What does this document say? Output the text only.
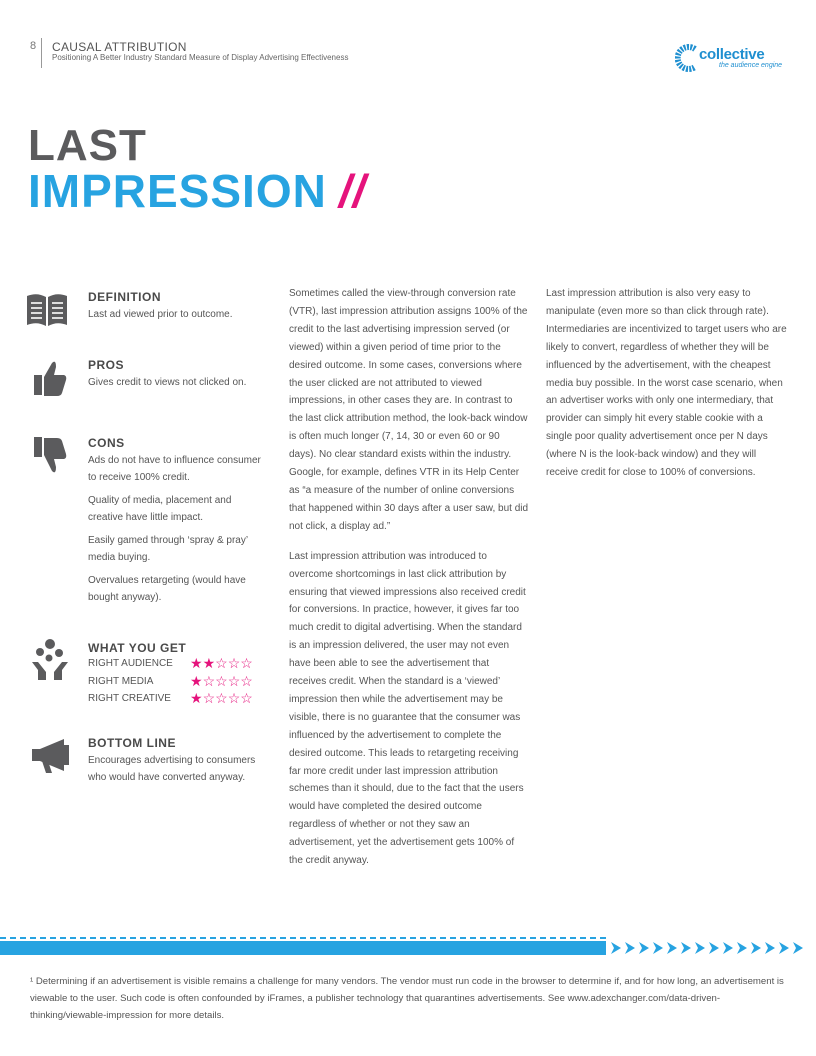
8 CAUSAL ATTRIBUTION
Positioning A Better Industry Standard Measure of Display Advertising Effectiveness	collective
the audience engine
LAST
IMPRESSION //
DEFINITION
Last ad viewed prior to outcome.
PROS
Gives credit to views not clicked on.
CONS
Ads do not have to influence consumer to receive 100% credit.
Quality of media, placement and creative have little impact.
Easily gamed through ‘spray & pray’ media buying.
Overvalues retargeting (would have bought anyway).
WHAT YOU GET
RIGHT AUDIENCE ★★☆☆☆
RIGHT MEDIA	★☆☆☆☆
RIGHT CREATIVE ★☆☆☆☆
BOTTOM LINE
Encourages advertising to consumers who would have converted anyway.

Sometimes called the view-through conversion rate (VTR), last impression attribution assigns 100% of the credit to the last advertising impression served (or viewed) within a given period of time prior to the desired outcome. In some cases, conversions where the user clicked are not attributed to viewed impressions, in other cases they are. In contrast to the last click attribution method, the look-back window is often much longer (7, 14, 30 or even 60 or 90 days). No clear standard exists within the industry. Google, for example, defines VTR in its Help Center as “a measure of the number of online conversions that happened within 30 days after a user saw, but did not click, a display ad.”

Last impression attribution was introduced to overcome shortcomings in last click attribution by ensuring that viewed impressions also received credit for conversions. In practice, however, it gives far too much credit to digital advertising. When the standard is an impression delivered, the user may not even have been able to see the advertisement that receives credit. When the standard is a ‘viewed’ impression then while the advertisement may be visible, there is no guarantee that the consumer was influenced by the advertisement to complete the desired outcome. This leads to retargeting receiving far more credit under last impression attribution schemes than it should, due to the fact that the users would have completed the desired outcome regardless of whether or not they saw an advertisement, yet the advertisement gets 100% of the credit anyway.

Last impression attribution is also very easy to manipulate (even more so than click through rate). Intermediaries are incentivized to target users who are likely to convert, regardless of whether they will be influenced by the advertisement, with the cheapest media buy possible. In the worst case scenario, when an advertiser works with only one intermediary, that provider can simply hit every stable cookie with a single poor quality advertisement once per N days (where N is the look-back window) and they will receive credit for close to 100% of conversions.

¹ Determining if an advertisement is visible remains a challenge for many vendors. The vendor must run code in the browser to determine if, and for how long, an advertisement is viewable to the user. Such code is often confounded by iFrames, a publisher technology that quarantines advertisements. See www.adexchanger.com/data-driven-thinking/viewable-impression for more details.
